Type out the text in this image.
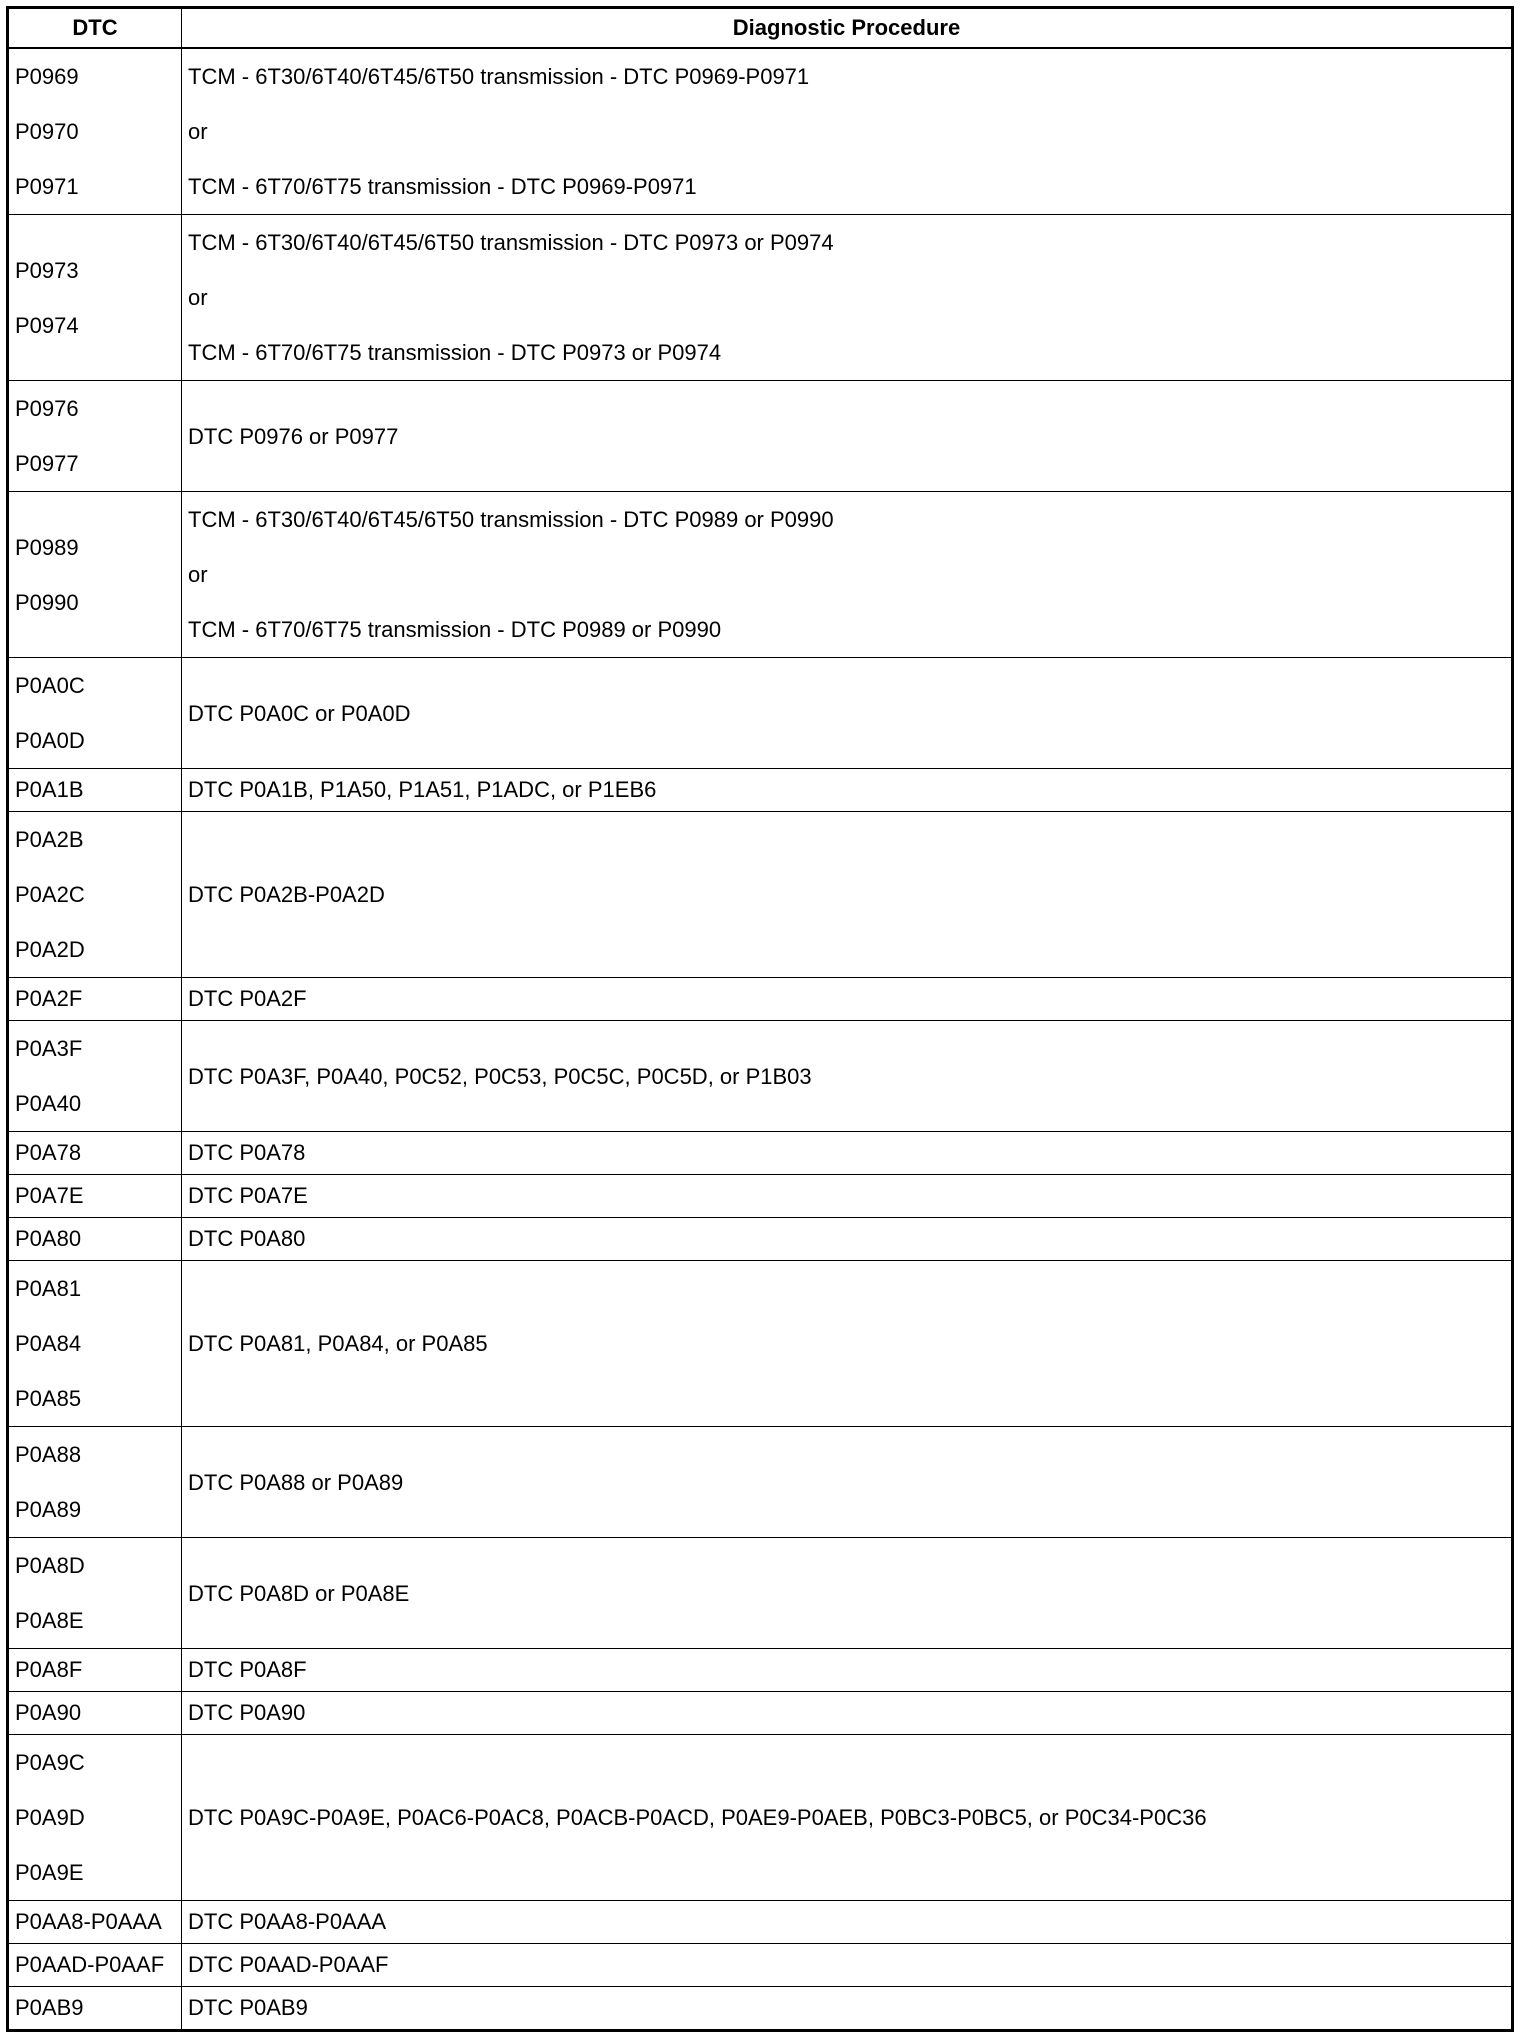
DTC	Diagnostic Procedure

P0969
P0970
P0971	TCM - 6T30/6T40/6T45/6T50 transmission - DTC P0969-P0971
or
TCM - 6T70/6T75 transmission - DTC P0969-P0971

P0973
P0974	TCM - 6T30/6T40/6T45/6T50 transmission - DTC P0973 or P0974
or
TCM - 6T70/6T75 transmission - DTC P0973 or P0974

P0976
P0977	DTC P0976 or P0977

P0989
P0990	TCM - 6T30/6T40/6T45/6T50 transmission - DTC P0989 or P0990
or
TCM - 6T70/6T75 transmission - DTC P0989 or P0990

P0A0C
P0A0D	DTC P0A0C or P0A0D

P0A1B	DTC P0A1B, P1A50, P1A51, P1ADC, or P1EB6

P0A2B
P0A2C
P0A2D	DTC P0A2B-P0A2D

P0A2F	DTC P0A2F

P0A3F
P0A40	DTC P0A3F, P0A40, P0C52, P0C53, P0C5C, P0C5D, or P1B03

P0A78	DTC P0A78

P0A7E	DTC P0A7E

P0A80	DTC P0A80

P0A81
P0A84
P0A85	DTC P0A81, P0A84, or P0A85

P0A88
P0A89	DTC P0A88 or P0A89

P0A8D
P0A8E	DTC P0A8D or P0A8E

P0A8F	DTC P0A8F

P0A90	DTC P0A90

P0A9C
P0A9D
P0A9E	DTC P0A9C-P0A9E, P0AC6-P0AC8, P0ACB-P0ACD, P0AE9-P0AEB, P0BC3-P0BC5, or P0C34-P0C36

P0AA8-P0AAA	DTC P0AA8-P0AAA

P0AAD-P0AAF	DTC P0AAD-P0AAF

P0AB9	DTC P0AB9
